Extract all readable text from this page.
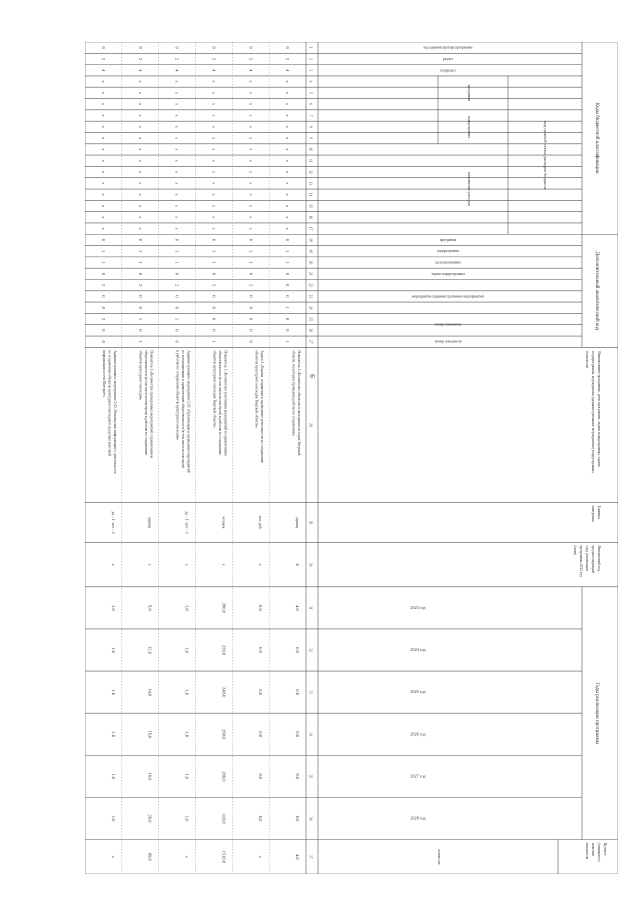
6
Коды бюджетной классификации
Дополнительный аналитический код
Годы реализации программы
Наименование программы, цели программы, задачи подпрограммы, задачиподпрограммы, мероприятия (административные мероприятия) подпрограммы,показатели
Единицаизмерения
Финансовый год,предшествующийгоду реализациипрограммы 2022 год(план)
Целевое(суммарное)значениепоказателя
значение
код целевой статьи расходов бюджета
программа
подпрограмма
направление расходов
код администратора программы
раздел
подраздел
программа
подпрограмма
цель программы
задача подпрограммы
мероприятие (административное мероприятие)
номер показателя
номер показателя
2023 год
2024 год
2025 год
2026 год
2027 год
2028 год
1
2
3
4
5
6
7
8
9
10
11
12
13
14
15
16
17
18
19
20
21
22
23
24
25
26
27
28
29
30
31
32
33
34
35
36
37
0
2
4
х
х
х
х
х
х
х
х
х
х
х
х
х
х
0
1
1
0
0
0
1
0
0
1
Показатель 1 «Количество объектов от выгорания на ходах Тверскойобласти, на которых проведены работы по сохранению»
единиц
8
4,0
0,0
0,0
0,0
0,0
0,0
4,0
0
2
4
х
х
х
х
х
х
х
х
х
х
х
х
х
х
0
1
1
0
2
0
0
0
0
0
Задача 2 «Охрана, сохранение и проведение деятельности по сохранениюобъектов культурного наследия Тверской области»
тыс. руб.
х
0,0
0,0
0,0
0,0
0,0
0,0
х
0
2
4
х
х
х
х
х
х
х
х
х
х
х
х
х
х
0
1
1
0
2
0
0
0
0
1
Показатель 1 «Количество участников мероприятий по привлечениюобщественности (в том числе волонтеров) к работам по сохранениюобъектов культурного наследия Тверской области»
человек
х
200,0
220,0
240,0
260,0
280,0
310,0
1510,0
0
2
4
х
х
х
х
х
х
х
х
х
х
х
х
х
х
0
1
1
0
2
0
0
1
0
0
Административное мероприятие 2.01 «Организация и проведение мероприятийпо популяризации и привлечению общественности (в том числе волонтеров)к работам по сохранению объектов культурного наследия»
да – 1 / нет – 0
х
1,0
1,0
1,0
1,0
1,0
1,0
х
0
2
4
х
х
х
х
х
х
х
х
х
х
х
х
х
х
0
1
1
0
2
0
0
1
0
1
Показатель 1 «Количество проведенных мероприятий с привлечениемобщественности (в том числе волонтеров) к работам по сохранениюобъектов культурного наследия»
единиц
х
9,0
12,0
14,0
16,0
18,0
20,0
89,0
0
2
4
х
х
х
х
х
х
х
х
х
х
х
х
х
х
0
1
1
0
2
0
0
2
0
0
Административное мероприятие 2.02 «Размещение информации о деятельностипо сохранению объектов культурного наследия в средствах массовойинформации и сети Интернет»
да – 1 / нет – 0
х
1,0
1,0
1,0
1,0
1,0
1,0
х
